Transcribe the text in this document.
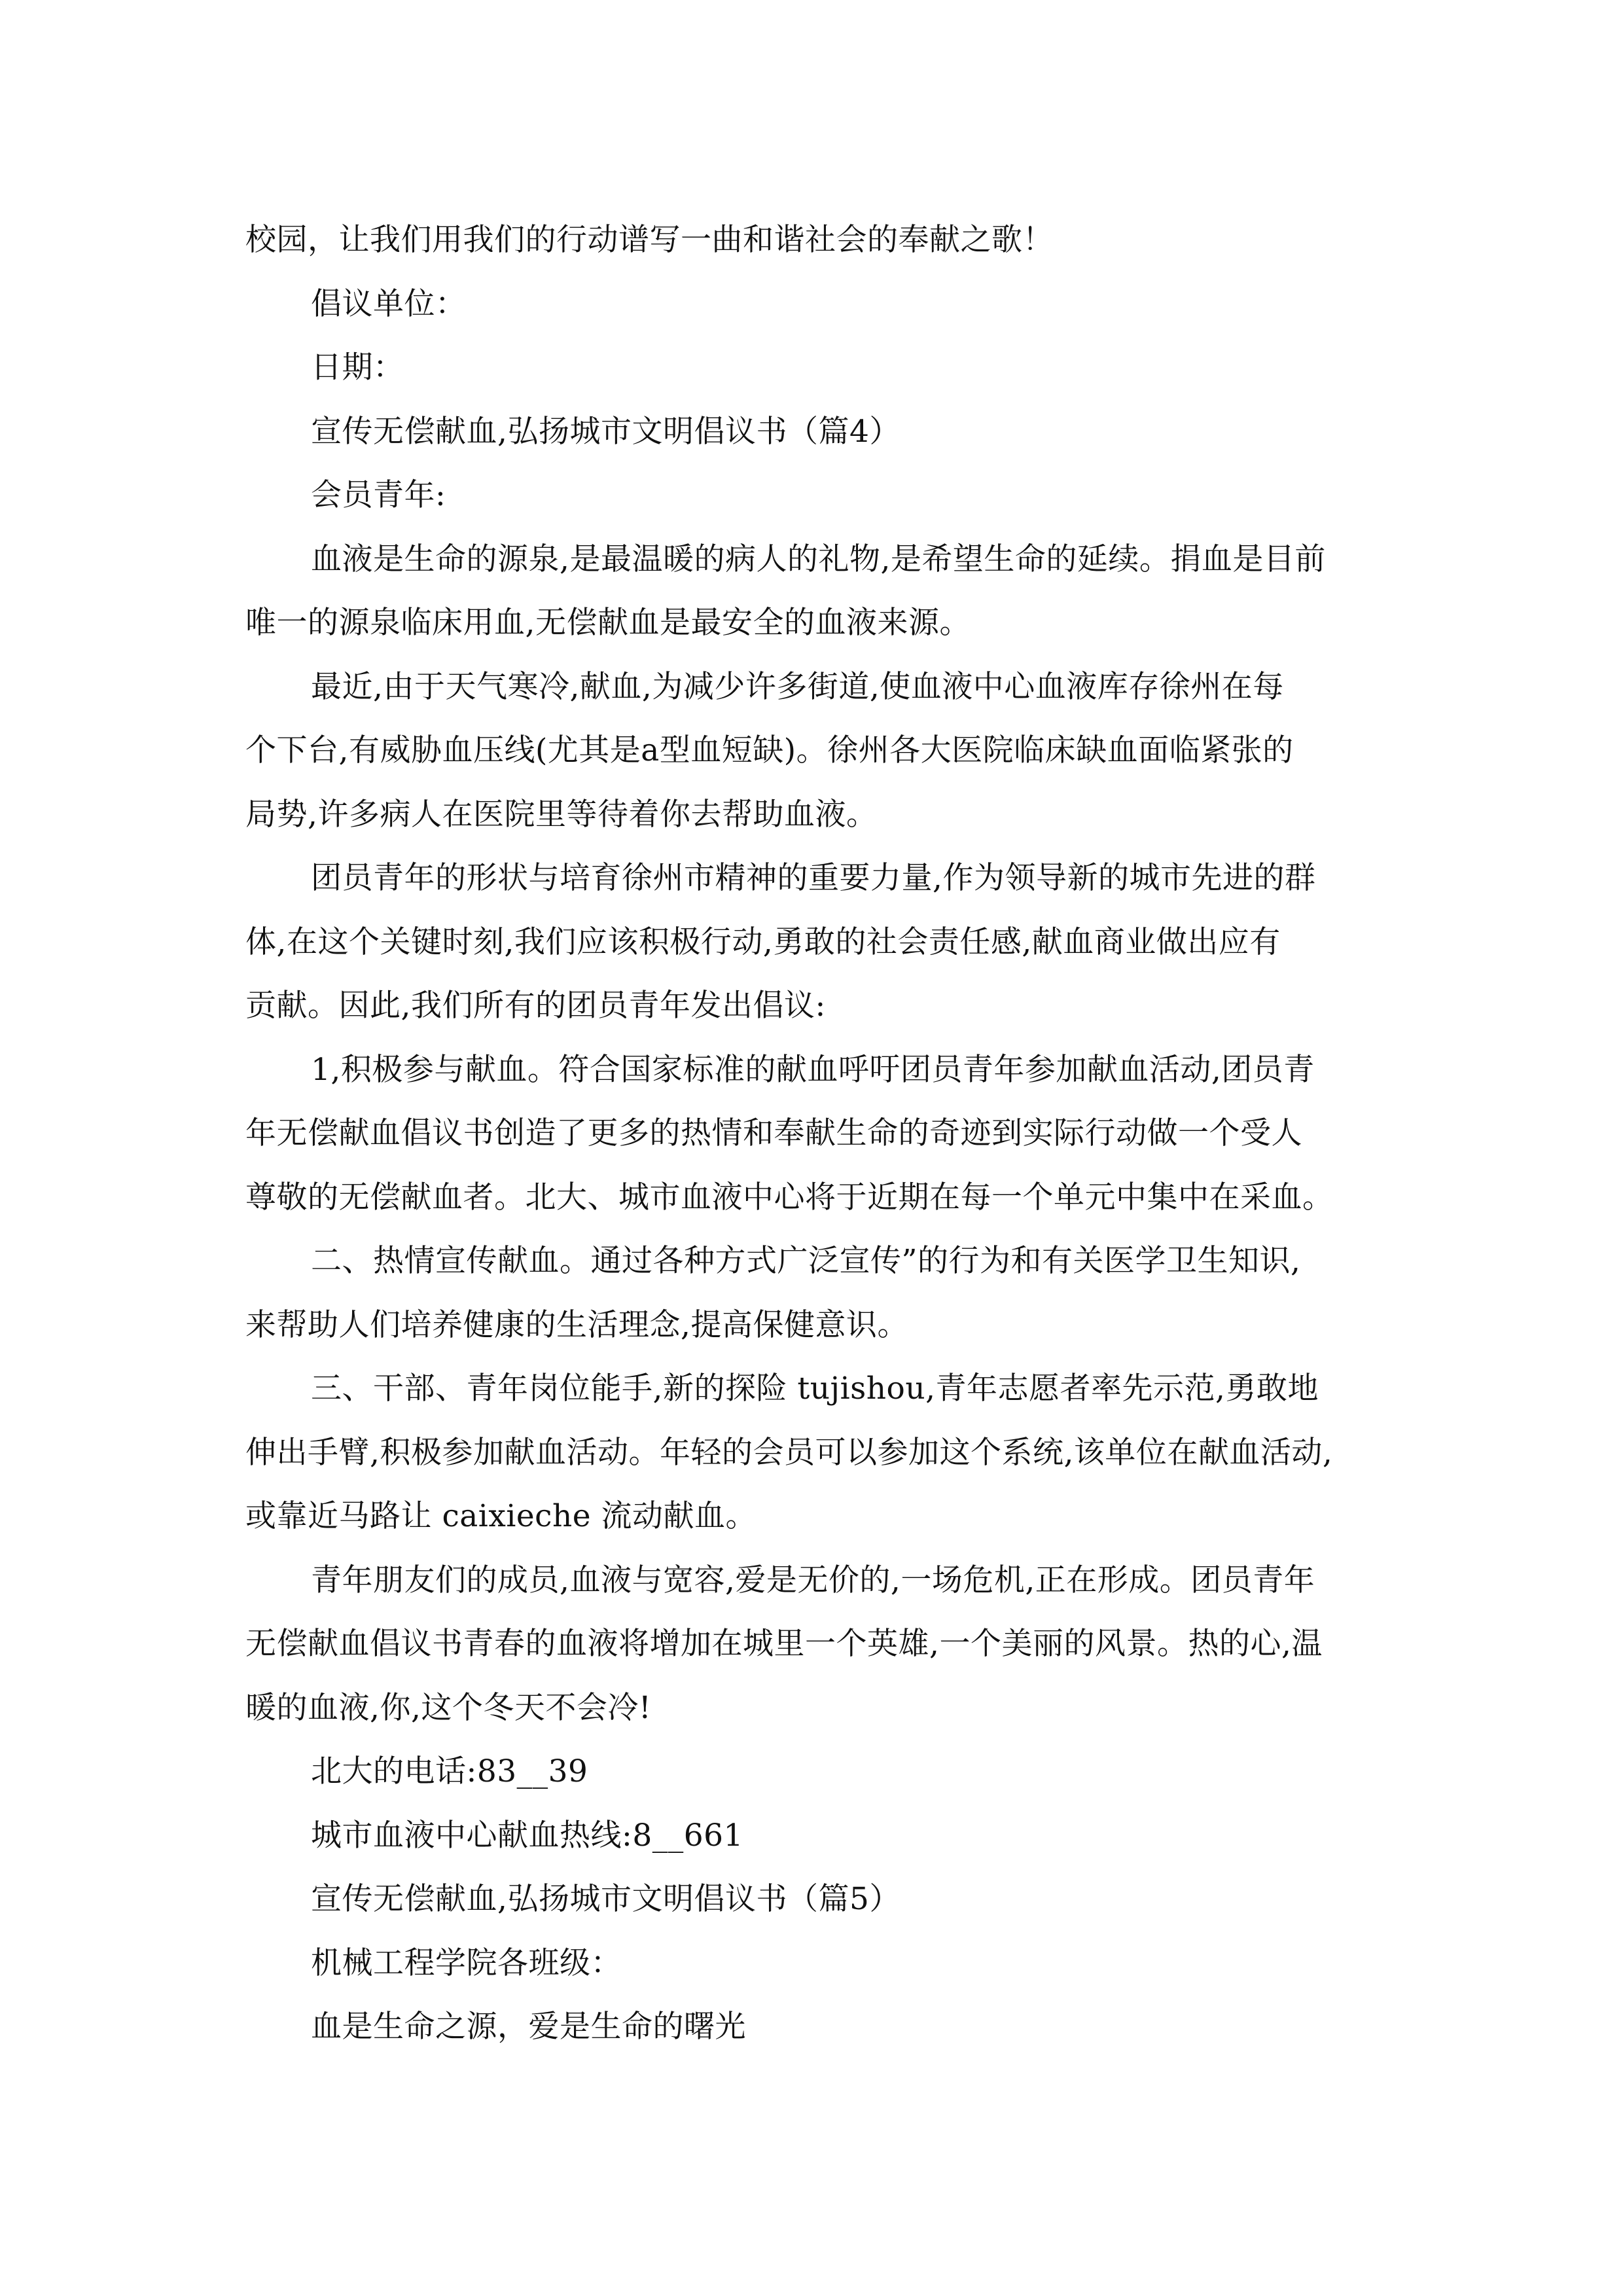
校园，让我们用我们的行动谱写一曲和谐社会的奉献之歌！
倡议单位：
日期：
宣传无偿献血,弘扬城市文明倡议书（篇4）
会员青年:
血液是生命的源泉,是最温暖的病人的礼物,是希望生命的延续。捐血是目前
唯一的源泉临床用血,无偿献血是最安全的血液来源。
最近,由于天气寒冷,献血,为减少许多街道,使血液中心血液库存徐州在每
个下台,有威胁血压线(尤其是a型血短缺)。徐州各大医院临床缺血面临紧张的
局势,许多病人在医院里等待着你去帮助血液。
团员青年的形状与培育徐州市精神的重要力量,作为领导新的城市先进的群
体,在这个关键时刻,我们应该积极行动,勇敢的社会责任感,献血商业做出应有
贡献。因此,我们所有的团员青年发出倡议:
1,积极参与献血。符合国家标准的献血呼吁团员青年参加献血活动,团员青
年无偿献血倡议书创造了更多的热情和奉献生命的奇迹到实际行动做一个受人
尊敬的无偿献血者。北大、城市血液中心将于近期在每一个单元中集中在采血。
二、热情宣传献血。通过各种方式广泛宣传”的行为和有关医学卫生知识,
来帮助人们培养健康的生活理念,提高保健意识。
三、干部、青年岗位能手,新的探险 tujishou,青年志愿者率先示范,勇敢地
伸出手臂,积极参加献血活动。年轻的会员可以参加这个系统,该单位在献血活动,
或靠近马路让 caixieche 流动献血。
青年朋友们的成员,血液与宽容,爱是无价的,一场危机,正在形成。团员青年
无偿献血倡议书青春的血液将增加在城里一个英雄,一个美丽的风景。热的心,温
暖的血液,你,这个冬天不会冷!
北大的电话:83__39
城市血液中心献血热线:8__661
宣传无偿献血,弘扬城市文明倡议书（篇5）
机械工程学院各班级：
血是生命之源，爱是生命的曙光
